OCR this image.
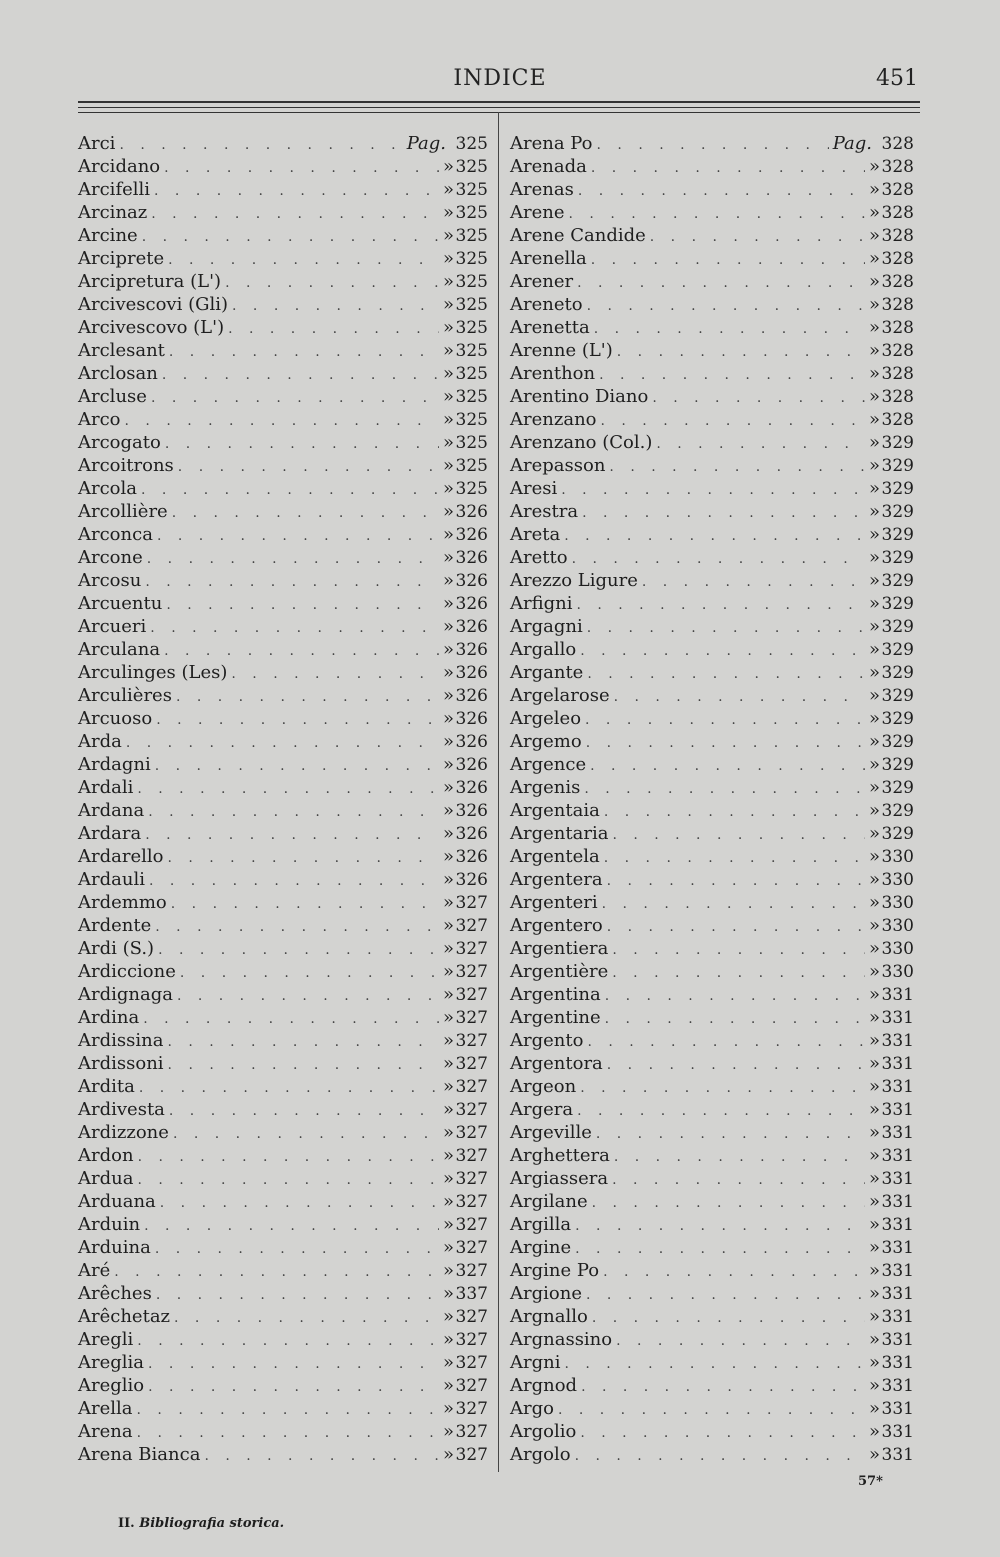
INDICE	451
Arci . . .	Pag. 325
Arcidano . . .	»325
Arcifelli . . .	»325
Arcinaz . . .	»325
Arcine . . .	»325
Arciprete . . .	»325
Arcipretura (L') . . .	»325
Arcivescovi (Gli) . . .	»325
Arcivescovo (L') . . .	»325
Arclesant . . .	»325
Arclosan . . .	»325
Arcluse . . .	»325
Arco . . .	»325
Arcogato . . .	»325
Arcoitrons . . .	»325
Arcola . . .	»325
Arcollière . . .	»326
Arconca . . .	»326
Arcone . . .	»326
Arcosu . . .	»326
Arcuentu . . .	»326
Arcueri . . .	»326
Arculana . . .	»326
Arculinges (Les) . . .	»326
Arculières . . .	»326
Arcuoso . . .	»326
Arda . . .	»326
Ardagni . . .	»326
Ardali . . .	»326
Ardana . . .	»326
Ardara . . .	»326
Ardarello . . .	»326
Ardauli . . .	»326
Ardemmo . . .	»327
Ardente . . .	»327
Ardi (S.) . . .	»327
Ardiccione . . .	»327
Ardignaga . . .	»327
Ardina . . .	»327
Ardissina . . .	»327
Ardissoni . . .	»327
Ardita . . .	»327
Ardivesta . . .	»327
Ardizzone . . .	»327
Ardon . . .	»327
Ardua . . .	»327
Arduana . . .	»327
Arduin . . .	»327
Arduina . . .	»327
Aré . . .	»327
Arêches . . .	»337
Arêchetaz . . .	»327
Aregli . . .	»327
Areglia . . .	»327
Areglio . . .	»327
Arella . . .	»327
Arena . . .	»327
Arena Bianca . . .	»327
Arena Po . . .	Pag. 328
Arenada . . .	»328
Arenas . . .	»328
Arene . . .	»328
Arene Candide . . .	»328
Arenella . . .	»328
Arener . . .	»328
Areneto . . .	»328
Arenetta . . .	»328
Arenne (L') . . .	»328
Arenthon . . .	»328
Arentino Diano . . .	»328
Arenzano . . .	»328
Arenzano (Col.) . . .	»329
Arepasson . . .	»329
Aresi . . .	»329
Arestra . . .	»329
Areta . . .	»329
Aretto . . .	»329
Arezzo Ligure . . .	»329
Arfigni . . .	»329
Argagni . . .	»329
Argallo . . .	»329
Argante . . .	»329
Argelarose . . .	»329
Argeleo . . .	»329
Argemo . . .	»329
Argence . . .	»329
Argenis . . .	»329
Argentaia . . .	»329
Argentaria . . .	»329
Argentela . . .	»330
Argentera . . .	»330
Argenteri . . .	»330
Argentero . . .	»330
Argentiera . . .	»330
Argentière . . .	»330
Argentina . . .	»331
Argentine . . .	»331
Argento . . .	»331
Argentora . . .	»331
Argeon . . .	»331
Argera . . .	»331
Argeville . . .	»331
Arghettera . . .	»331
Argiassera . . .	»331
Argilane . . .	»331
Argilla . . .	»331
Argine . . .	»331
Argine Po . . .	»331
Argione . . .	»331
Argnallo . . .	»331
Argnassino . . .	»331
Argni . . .	»331
Argnod . . .	»331
Argo . . .	»331
Argolio . . .	»331
Argolo . . .	»331
II. Bibliografia storica.
57*
